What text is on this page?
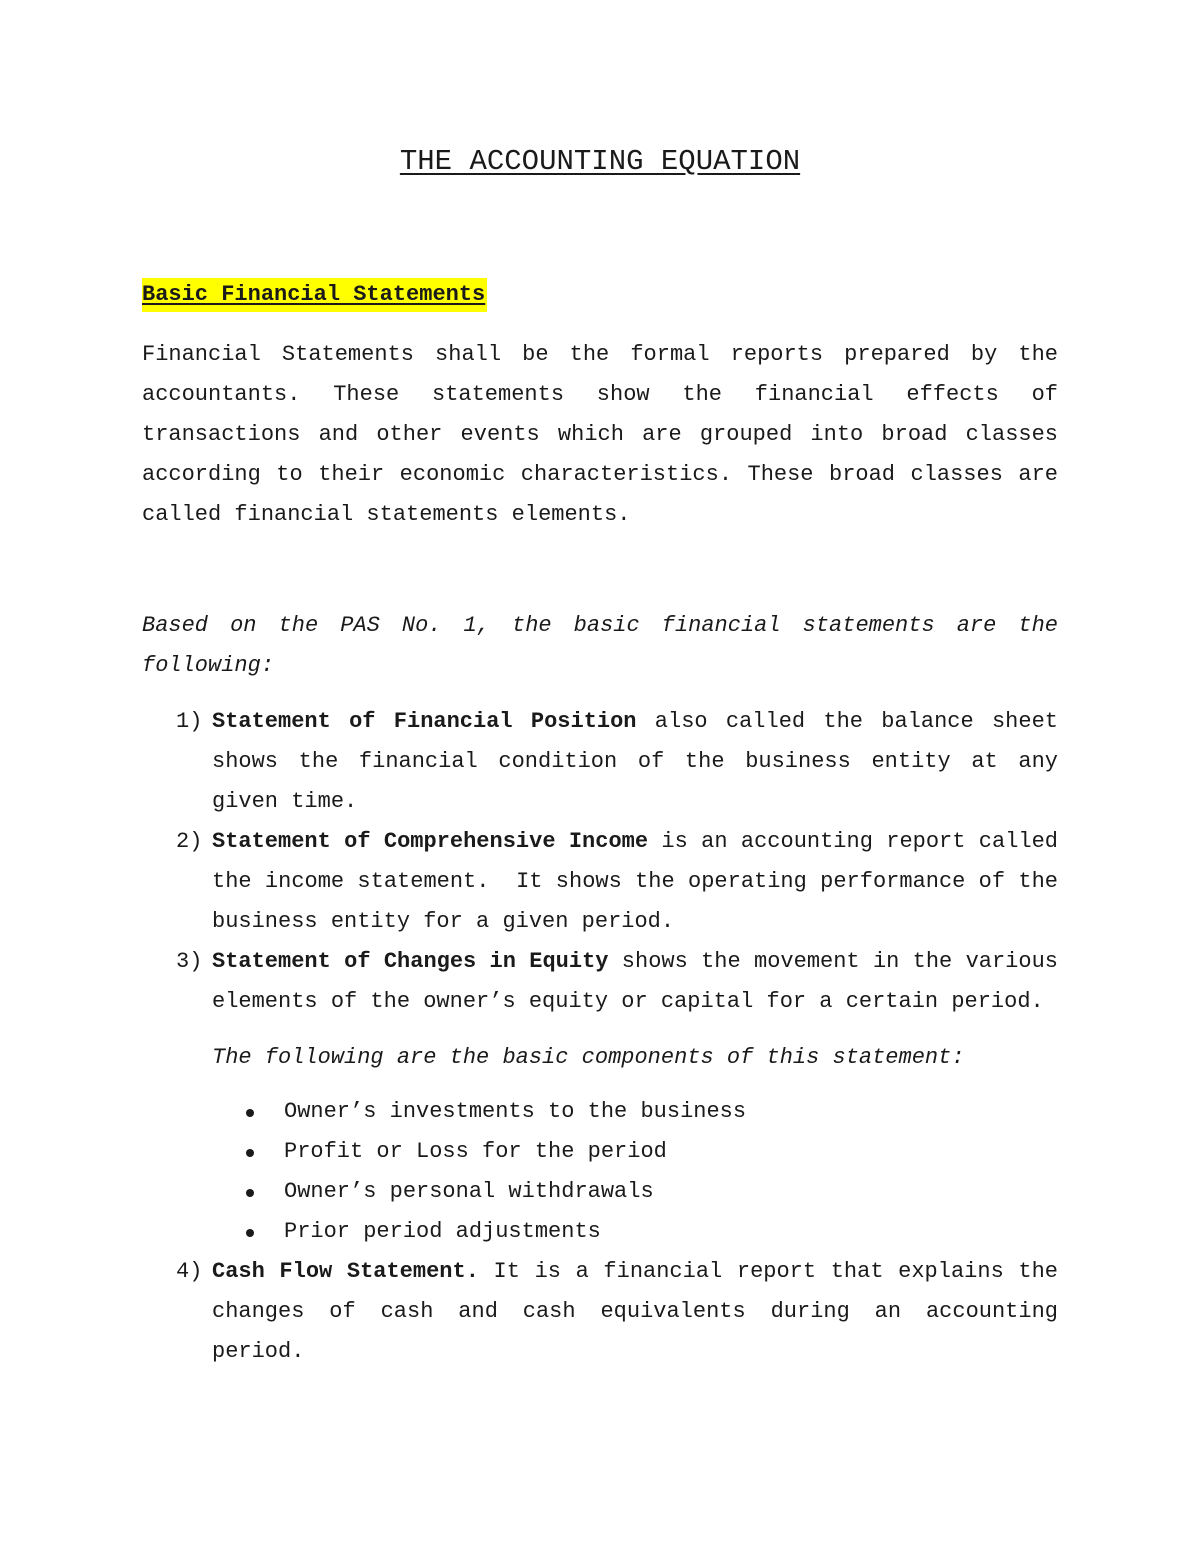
THE ACCOUNTING EQUATION
Basic Financial Statements

Financial Statements shall be the formal reports prepared by the accountants. These statements show the financial effects of transactions and other events which are grouped into broad classes according to their economic characteristics. These broad classes are called financial statements elements.

Based on the PAS No. 1, the basic financial statements are the following:

1) Statement of Financial Position also called the balance sheet shows the financial condition of the business entity at any given time.
2) Statement of Comprehensive Income is an accounting report called the income statement.  It shows the operating performance of the business entity for a given period.
3) Statement of Changes in Equity shows the movement in the various elements of the owner’s equity or capital for a certain period.
The following are the basic components of this statement:
Owner’s investments to the business
Profit or Loss for the period
Owner’s personal withdrawals
Prior period adjustments
4) Cash Flow Statement. It is a financial report that explains the changes of cash and cash equivalents during an accounting period.
